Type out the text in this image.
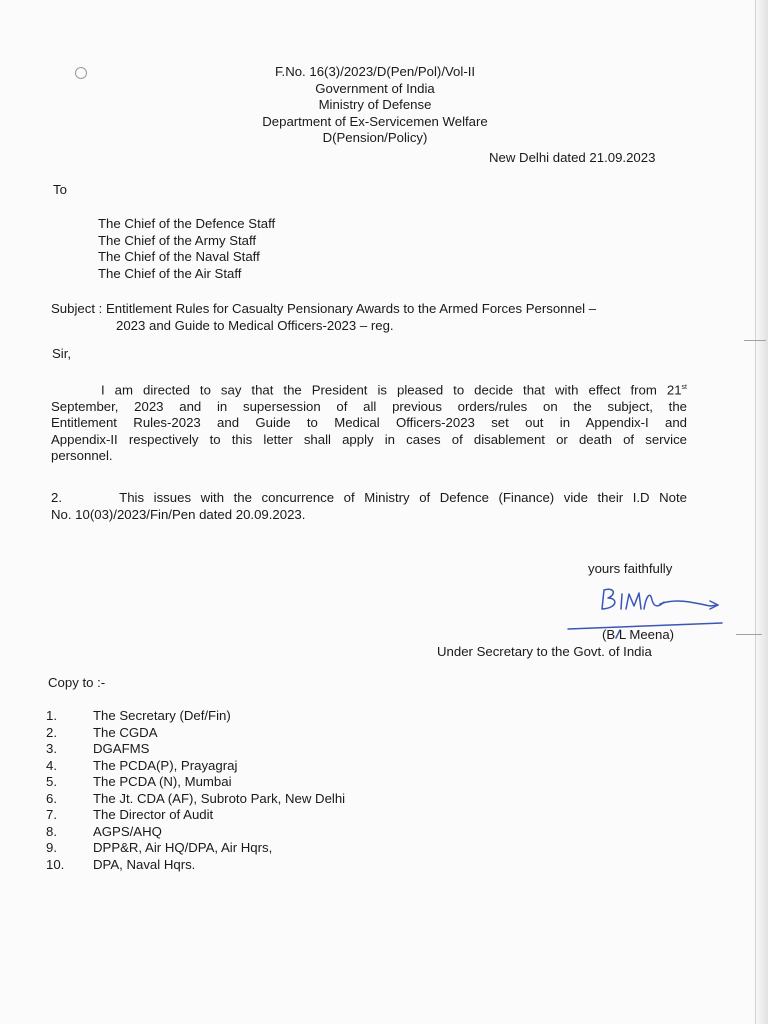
F.No. 16(3)/2023/D(Pen/Pol)/Vol-II
Government of India
Ministry of Defense
Department of Ex-Servicemen Welfare
D(Pension/Policy)
New Delhi dated 21.09.2023
To
The Chief of the Defence Staff
The Chief of the Army Staff
The Chief of the Naval Staff
The Chief of the Air Staff
Subject : Entitlement Rules for Casualty Pensionary Awards to the Armed Forces Personnel –
2023 and Guide to Medical Officers-2023 – reg.
Sir,
I am directed to say that the President is pleased to decide that with effect from 21st
September, 2023 and in supersession of all previous orders/rules on the subject, the
Entitlement Rules-2023 and Guide to Medical Officers-2023 set out in Appendix-I and
Appendix-II respectively to this letter shall apply in cases of disablement or death of service
personnel.
2.      This issues with the concurrence of Ministry of Defence (Finance) vide their I.D Note
No. 10(03)/2023/Fin/Pen dated 20.09.2023.
yours faithfully
(B L Meena)
Under Secretary to the Govt. of India
Copy to :-
1.	The Secretary (Def/Fin)
2.	The CGDA
3.	DGAFMS
4.	The PCDA(P), Prayagraj
5.	The PCDA (N), Mumbai
6.	The Jt. CDA (AF), Subroto Park, New Delhi
7.	The Director of Audit
8.	AGPS/AHQ
9.	DPP&R, Air HQ/DPA, Air Hqrs,
10.	DPA, Naval Hqrs.
